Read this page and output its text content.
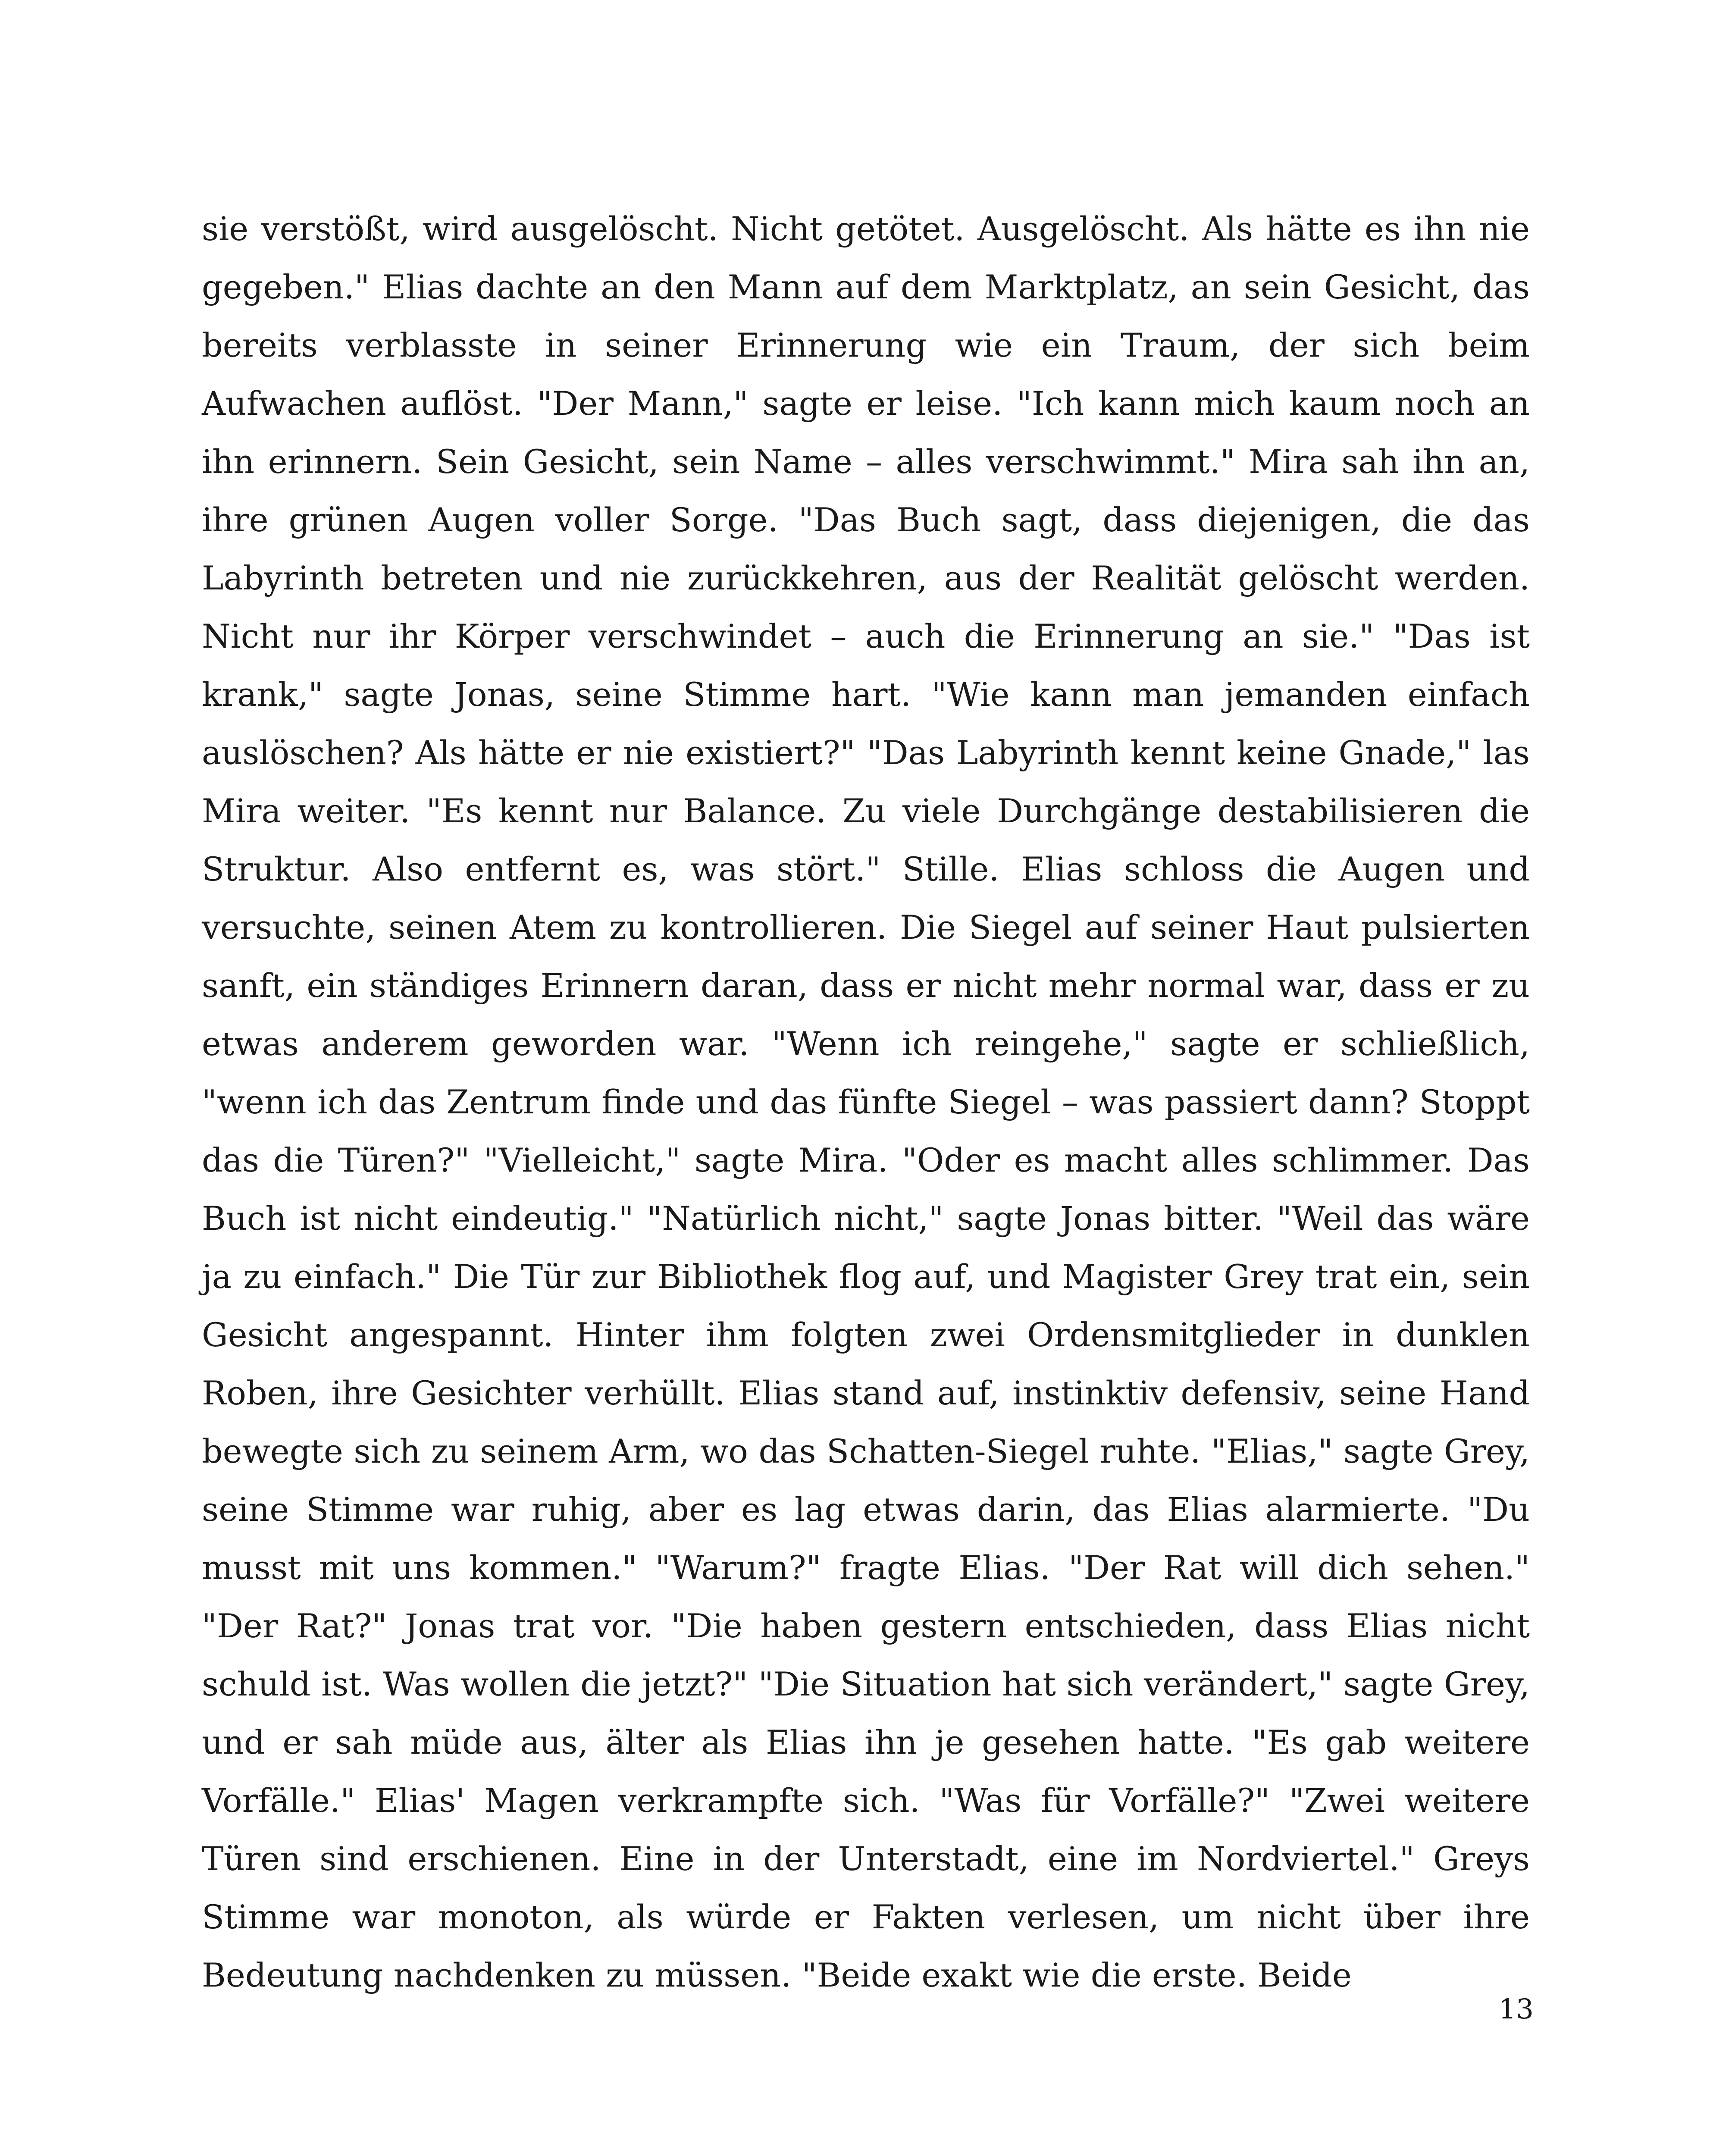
sie verstößt, wird ausgelöscht. Nicht getötet. Ausgelöscht. Als hätte es ihn nie gegeben." Elias dachte an den Mann auf dem Marktplatz, an sein Gesicht, das bereits verblasste in seiner Erinnerung wie ein Traum, der sich beim Aufwachen auflöst. "Der Mann," sagte er leise. "Ich kann mich kaum noch an ihn erinnern. Sein Gesicht, sein Name – alles verschwimmt." Mira sah ihn an, ihre grünen Augen voller Sorge. "Das Buch sagt, dass diejenigen, die das Labyrinth betreten und nie zurückkehren, aus der Realität gelöscht werden. Nicht nur ihr Körper verschwindet – auch die Erinnerung an sie." "Das ist krank," sagte Jonas, seine Stimme hart. "Wie kann man jemanden einfach auslöschen? Als hätte er nie existiert?" "Das Labyrinth kennt keine Gnade," las Mira weiter. "Es kennt nur Balance. Zu viele Durchgänge destabilisieren die Struktur. Also entfernt es, was stört." Stille. Elias schloss die Augen und versuchte, seinen Atem zu kontrollieren. Die Siegel auf seiner Haut pulsierten sanft, ein ständiges Erinnern daran, dass er nicht mehr normal war, dass er zu etwas anderem geworden war. "Wenn ich reingehe," sagte er schließlich, "wenn ich das Zentrum finde und das fünfte Siegel – was passiert dann? Stoppt das die Türen?" "Vielleicht," sagte Mira. "Oder es macht alles schlimmer. Das Buch ist nicht eindeutig." "Natürlich nicht," sagte Jonas bitter. "Weil das wäre ja zu einfach." Die Tür zur Bibliothek flog auf, und Magister Grey trat ein, sein Gesicht angespannt. Hinter ihm folgten zwei Ordensmitglieder in dunklen Roben, ihre Gesichter verhüllt. Elias stand auf, instinktiv defensiv, seine Hand bewegte sich zu seinem Arm, wo das Schatten-Siegel ruhte. "Elias," sagte Grey, seine Stimme war ruhig, aber es lag etwas darin, das Elias alarmierte. "Du musst mit uns kommen." "Warum?" fragte Elias. "Der Rat will dich sehen." "Der Rat?" Jonas trat vor. "Die haben gestern entschieden, dass Elias nicht schuld ist. Was wollen die jetzt?" "Die Situation hat sich verändert," sagte Grey, und er sah müde aus, älter als Elias ihn je gesehen hatte. "Es gab weitere Vorfälle." Elias' Magen verkrampfte sich. "Was für Vorfälle?" "Zwei weitere Türen sind erschienen. Eine in der Unterstadt, eine im Nordviertel." Greys Stimme war monoton, als würde er Fakten verlesen, um nicht über ihre Bedeutung nachdenken zu müssen. "Beide exakt wie die erste. Beide

13
